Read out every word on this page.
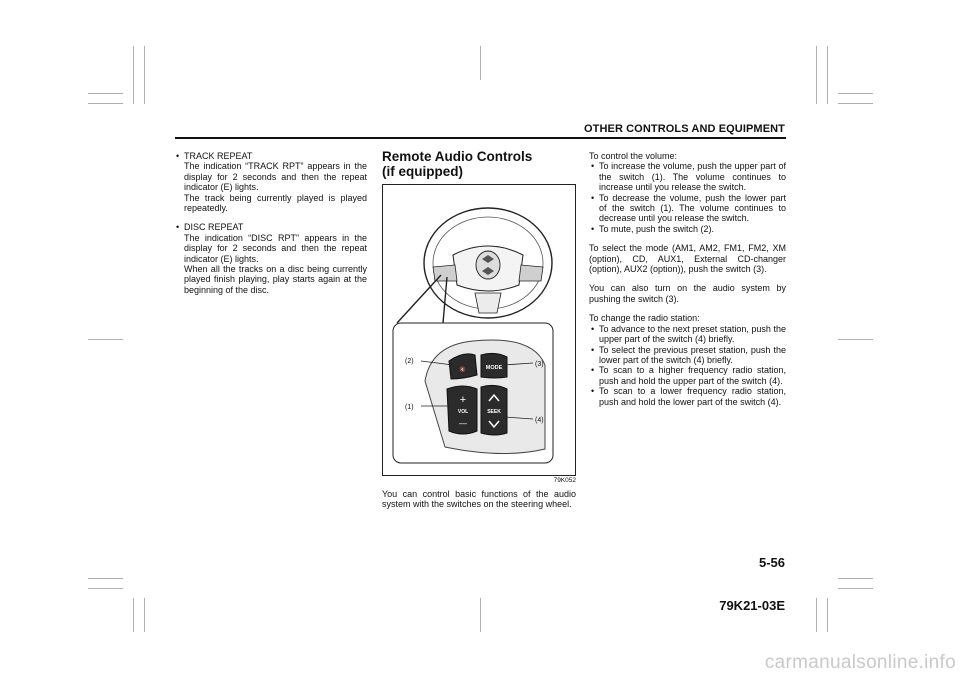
OTHER CONTROLS AND EQUIPMENT
• TRACK REPEAT
The indication “TRACK RPT” appears in the display for 2 seconds and then the repeat indicator (E) lights.
The track being currently played is played repeatedly.
• DISC REPEAT
The indication “DISC RPT” appears in the display for 2 seconds and then the repeat indicator (E) lights.
When all the tracks on a disc being currently played finish playing, play starts again at the beginning of the disc.
Remote Audio Controls
(if equipped)
🔇	MODE
+
VOL
—
SEEK
(2)
(1)
(3)
(4)
79K052
You can control basic functions of the audio system with the switches on the steering wheel.
To control the volume:
• To increase the volume, push the upper part of the switch (1). The volume continues to increase until you release the switch.
• To decrease the volume, push the lower part of the switch (1). The volume continues to decrease until you release the switch.
• To mute, push the switch (2).
To select the mode (AM1, AM2, FM1, FM2, XM (option), CD, AUX1, External CD-changer (option), AUX2 (option)), push the switch (3).
You can also turn on the audio system by pushing the switch (3).
To change the radio station:
• To advance to the next preset station, push the upper part of the switch (4) briefly.
• To select the previous preset station, push the lower part of the switch (4) briefly.
• To scan to a higher frequency radio station, push and hold the upper part of the switch (4).
• To scan to a lower frequency radio station, push and hold the lower part of the switch (4).
5-56
79K21-03E
carmanualsonline.info
